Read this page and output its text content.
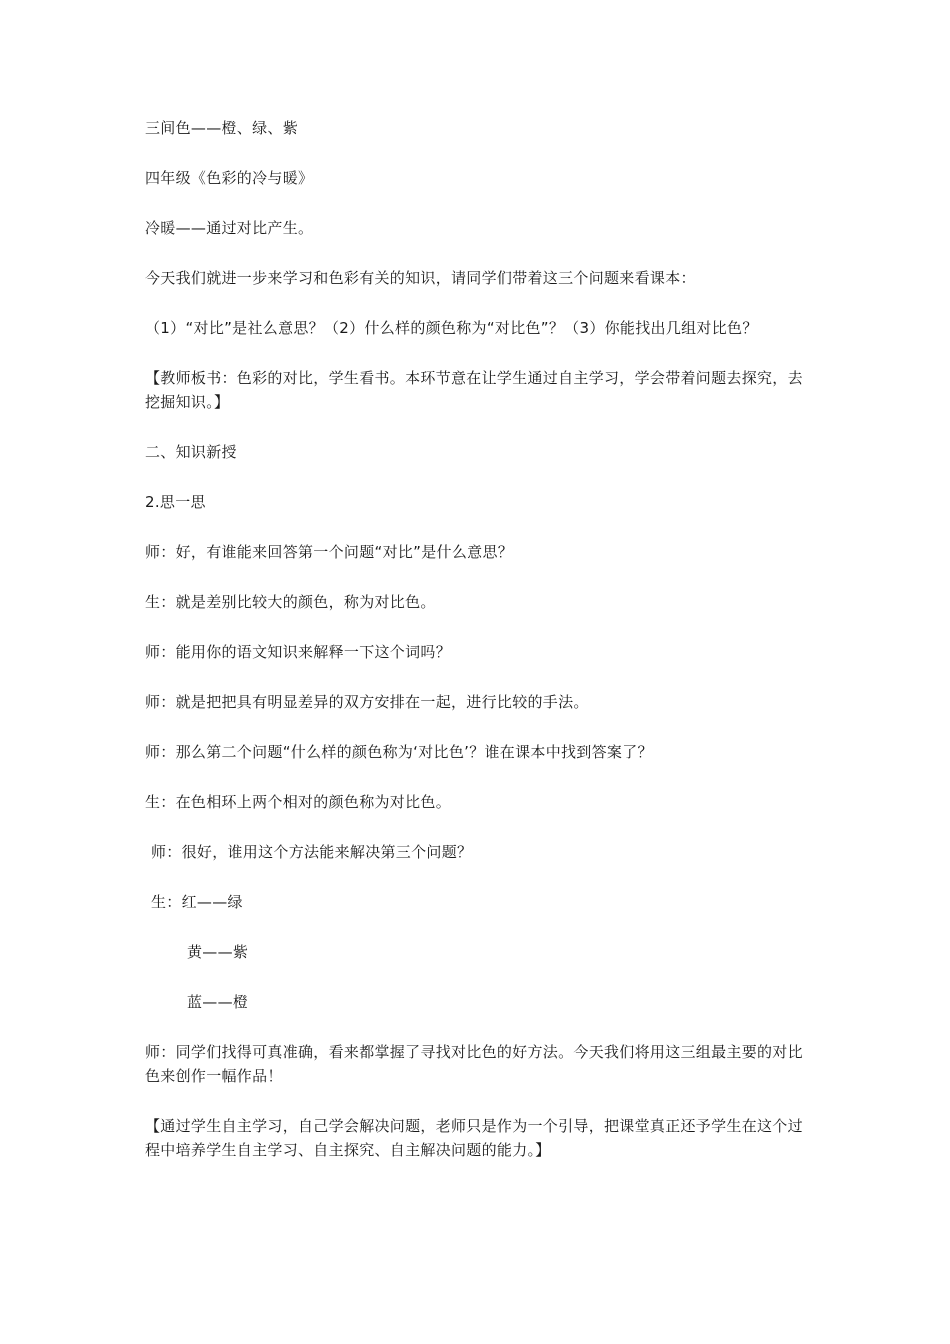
三间色——橙、绿、紫

四年级《色彩的冷与暖》

冷暖——通过对比产生。

今天我们就进一步来学习和色彩有关的知识，请同学们带着这三个问题来看课本：

（1）“对比”是社么意思？（2）什么样的颜色称为“对比色”？（3）你能找出几组对比色？

【教师板书：色彩的对比，学生看书。本环节意在让学生通过自主学习，学会带着问题去探究，去挖掘知识。】

二、知识新授

2.思一思

师：好，有谁能来回答第一个问题“对比”是什么意思？

生：就是差别比较大的颜色，称为对比色。

师：能用你的语文知识来解释一下这个词吗？

师：就是把把具有明显差异的双方安排在一起，进行比较的手法。

师：那么第二个问题“什么样的颜色称为‘对比色’？谁在课本中找到答案了？

生：在色相环上两个相对的颜色称为对比色。

师：很好，谁用这个方法能来解决第三个问题？

生：红——绿

黄——紫

蓝——橙

师：同学们找得可真准确，看来都掌握了寻找对比色的好方法。今天我们将用这三组最主要的对比色来创作一幅作品！

【通过学生自主学习，自己学会解决问题，老师只是作为一个引导，把课堂真正还予学生在这个过程中培养学生自主学习、自主探究、自主解决问题的能力。】
